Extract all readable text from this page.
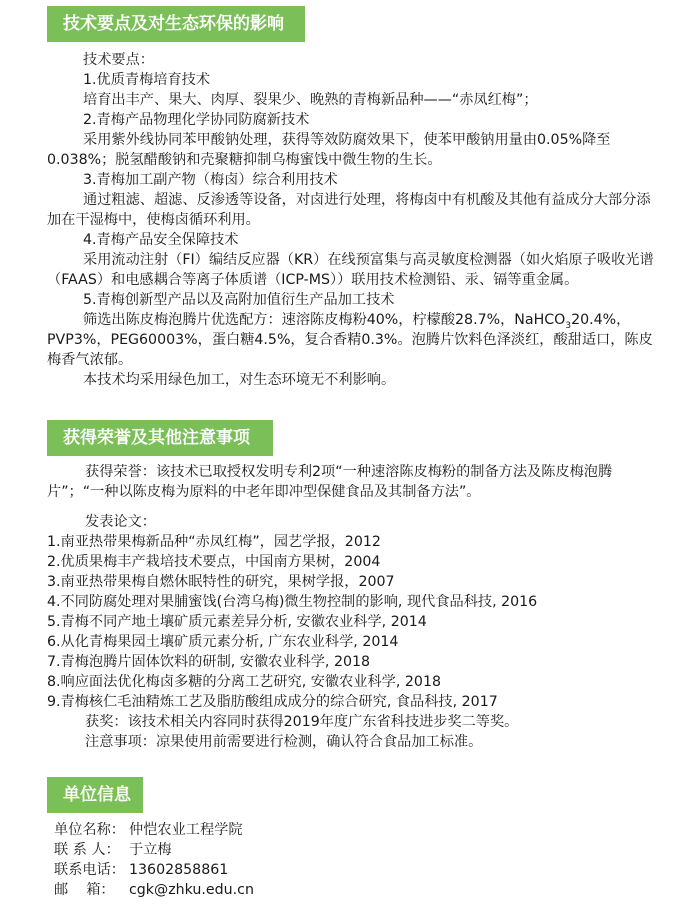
技术要点及对生态环保的影响

技术要点：

1.优质青梅培育技术

培育出丰产、果大、肉厚、裂果少、晚熟的青梅新品种——“赤凤红梅”；

2.青梅产品物理化学协同防腐新技术

采用紫外线协同苯甲酸钠处理，获得等效防腐效果下，使苯甲酸钠用量由0.05%降至0.038%；脱氢醋酸钠和壳聚糖抑制乌梅蜜饯中微生物的生长。

3.青梅加工副产物（梅卤）综合利用技术

通过粗滤、超滤、反渗透等设备，对卤进行处理，将梅卤中有机酸及其他有益成分大部分添加在干湿梅中，使梅卤循环利用。

4.青梅产品安全保障技术

采用流动注射（FI）编结反应器（KR）在线预富集与高灵敏度检测器（如火焰原子吸收光谱（FAAS）和电感耦合等离子体质谱（ICP-MS））联用技术检测铅、汞、镉等重金属。

5.青梅创新型产品以及高附加值衍生产品加工技术

筛选出陈皮梅泡腾片优选配方：速溶陈皮梅粉40%，柠檬酸28.7%，NaHCO$_3$20.4%，PVP3%，PEG60003%，蛋白糖4.5%，复合香精0.3%。泡腾片饮料色泽淡红，酸甜适口，陈皮梅香气浓郁。

本技术均采用绿色加工，对生态环境无不利影响。

获得荣誉及其他注意事项

获得荣誉：该技术已取授权发明专利2项“一种速溶陈皮梅粉的制备方法及陈皮梅泡腾片”；“一种以陈皮梅为原料的中老年即冲型保健食品及其制备方法”。

发表论文：

1.南亚热带果梅新品种“赤凤红梅”，园艺学报，2012

2.优质果梅丰产栽培技术要点，中国南方果树，2004

3.南亚热带果梅自燃休眠特性的研究，果树学报，2007

4.不同防腐处理对果脯蜜饯(台湾乌梅)微生物控制的影响, 现代食品科技, 2016

5.青梅不同产地土壤矿质元素差异分析, 安徽农业科学, 2014

6.从化青梅果园土壤矿质元素分析, 广东农业科学, 2014

7.青梅泡腾片固体饮料的研制, 安徽农业科学, 2018

8.响应面法优化梅卤多糖的分离工艺研究, 安徽农业科学, 2018

9.青梅核仁毛油精炼工艺及脂肪酸组成成分的综合研究, 食品科技, 2017

获奖：该技术相关内容同时获得2019年度广东省科技进步奖二等奖。

注意事项：凉果使用前需要进行检测，确认符合食品加工标准。

单位信息
单位名称： 仲恺农业工程学院
联 系 人： 于立梅
联系电话： 13602858861
邮    箱：	cgk@zhku.edu.cn
